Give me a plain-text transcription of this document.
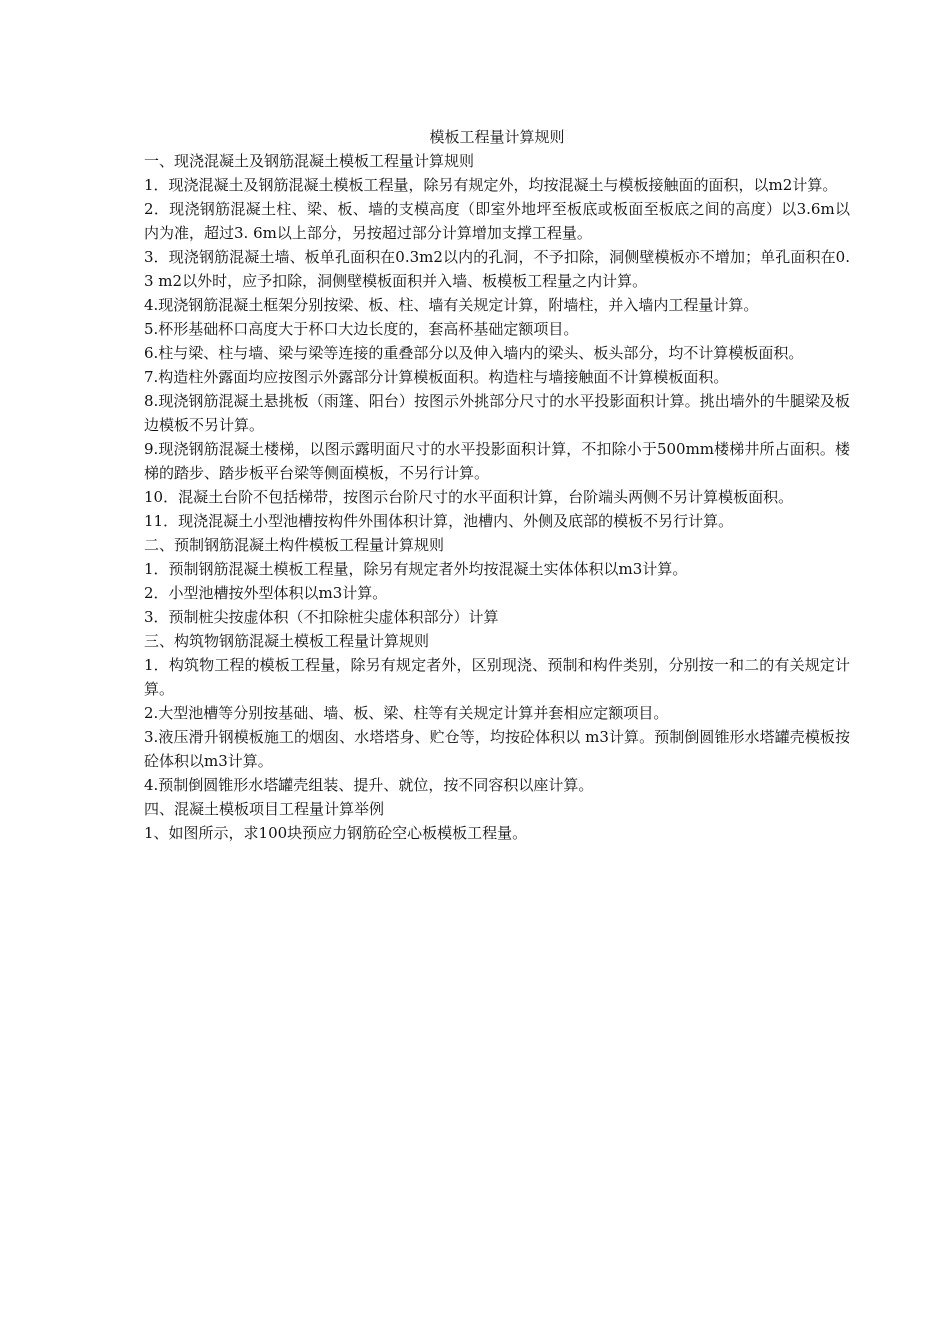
模板工程量计算规则

一、现浇混凝土及钢筋混凝土模板工程量计算规则

1．现浇混凝土及钢筋混凝土模板工程量，除另有规定外，均按混凝土与模板接触面的面积，以m2计算。

2．现浇钢筋混凝土柱、梁、板、墙的支模高度（即室外地坪至板底或板面至板底之间的高度）以3.6m以内为准，超过3. 6m以上部分，另按超过部分计算增加支撑工程量。

3．现浇钢筋混凝土墙、板单孔面积在0.3m2以内的孔洞，不予扣除，洞侧壁模板亦不增加；单孔面积在0.3 m2以外时，应予扣除，洞侧壁模板面积并入墙、板模板工程量之内计算。

4.现浇钢筋混凝土框架分别按梁、板、柱、墙有关规定计算，附墙柱，并入墙内工程量计算。

5.杯形基础杯口高度大于杯口大边长度的，套高杯基础定额项目。

6.柱与梁、柱与墙、梁与梁等连接的重叠部分以及伸入墙内的梁头、板头部分，均不计算模板面积。

7.构造柱外露面均应按图示外露部分计算模板面积。构造柱与墙接触面不计算模板面积。

8.现浇钢筋混凝土悬挑板（雨篷、阳台）按图示外挑部分尺寸的水平投影面积计算。挑出墙外的牛腿梁及板边模板不另计算。

9.现浇钢筋混凝土楼梯，以图示露明面尺寸的水平投影面积计算，不扣除小于500mm楼梯井所占面积。楼梯的踏步、踏步板平台梁等侧面模板，不另行计算。

10．混凝土台阶不包括梯带，按图示台阶尺寸的水平面积计算，台阶端头两侧不另计算模板面积。

11．现浇混凝土小型池槽按构件外围体积计算，池槽内、外侧及底部的模板不另行计算。

二、预制钢筋混凝土构件模板工程量计算规则

1．预制钢筋混凝土模板工程量，除另有规定者外均按混凝土实体体积以m3计算。

2．小型池槽按外型体积以m3计算。

3．预制桩尖按虚体积（不扣除桩尖虚体积部分）计算

三、构筑物钢筋混凝土模板工程量计算规则

1．构筑物工程的模板工程量，除另有规定者外，区别现浇、预制和构件类别，分别按一和二的有关规定计算。

2.大型池槽等分别按基础、墙、板、梁、柱等有关规定计算并套相应定额项目。

3.液压滑升钢模板施工的烟囱、水塔塔身、贮仓等，均按砼体积以 m3计算。预制倒圆锥形水塔罐壳模板按砼体积以m3计算。

4.预制倒圆锥形水塔罐壳组装、提升、就位，按不同容积以座计算。

四、混凝土模板项目工程量计算举例

1、如图所示，求100块预应力钢筋砼空心板模板工程量。
